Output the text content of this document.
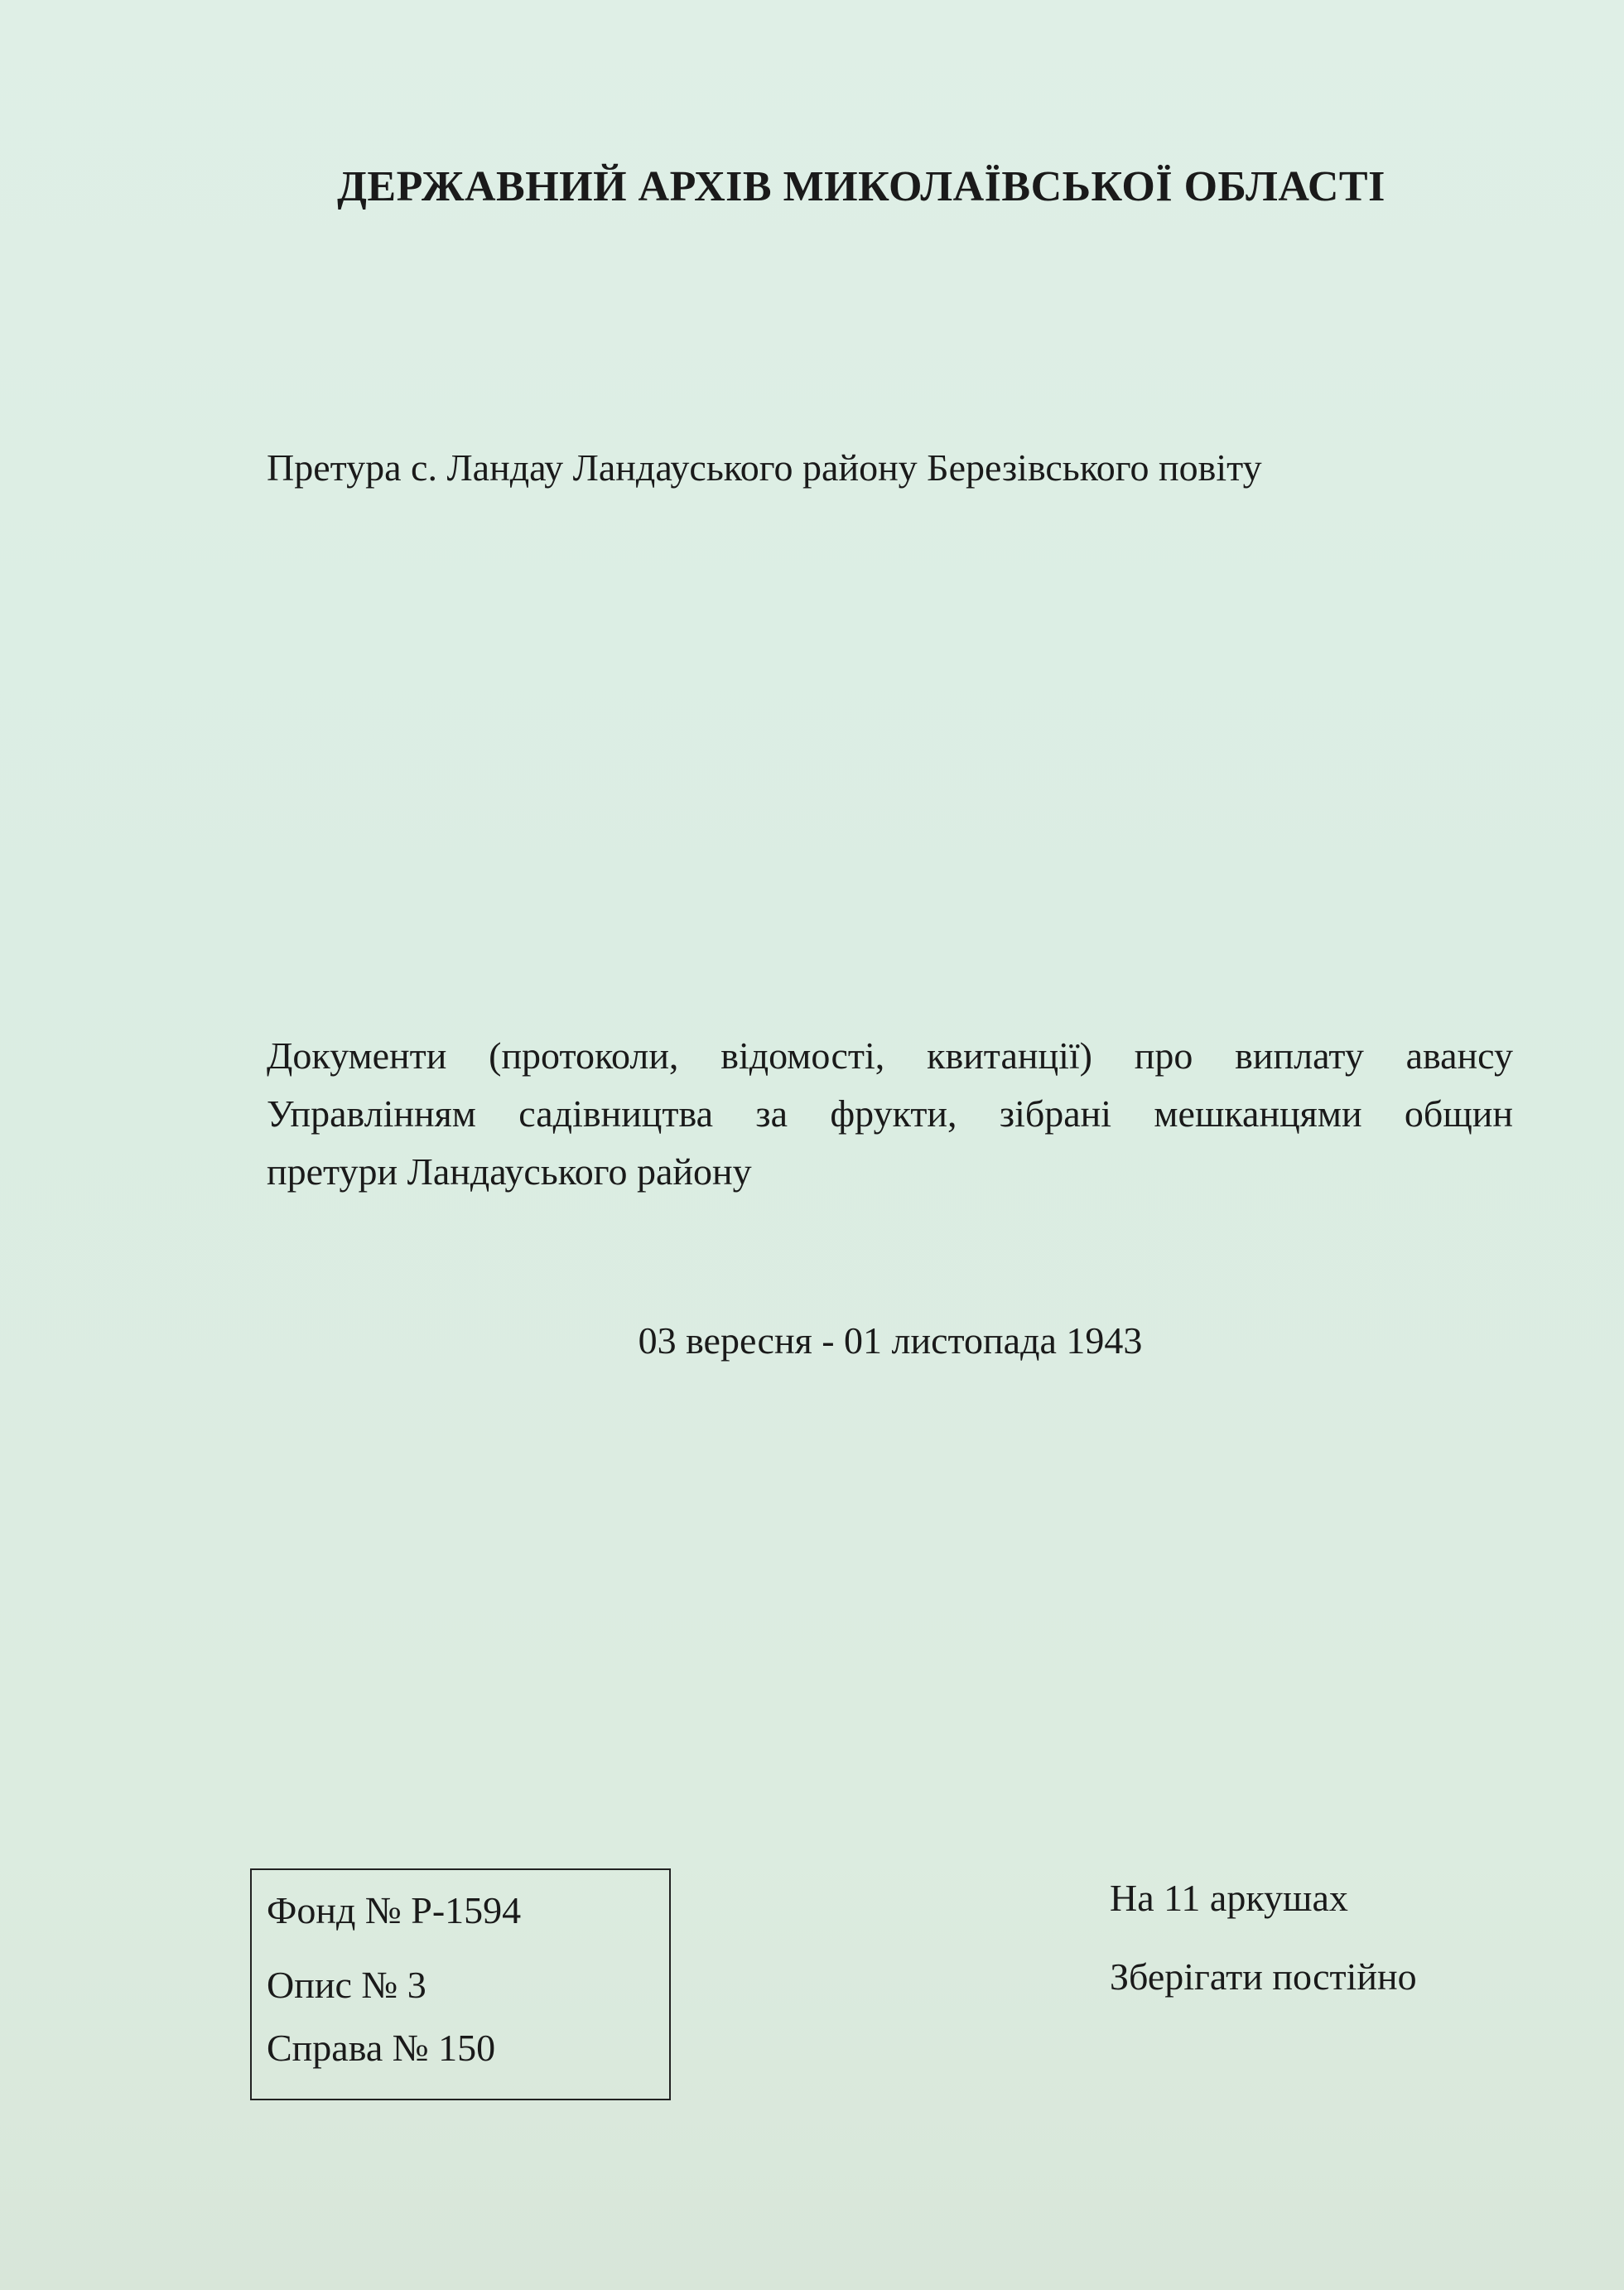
ДЕРЖАВНИЙ АРХІВ МИКОЛАЇВСЬКОЇ ОБЛАСТІ
Претура с. Ландау Ландауського району Березівського повіту
Документи (протоколи, відомості, квитанції) про виплату авансу
Управлінням садівництва за фрукти, зібрані мешканцями общин
претури Ландауського району
03 вересня - 01 листопада 1943
Фонд № Р-1594
Опис № 3
Справа № 150
На 11 аркушах
Зберігати постійно
